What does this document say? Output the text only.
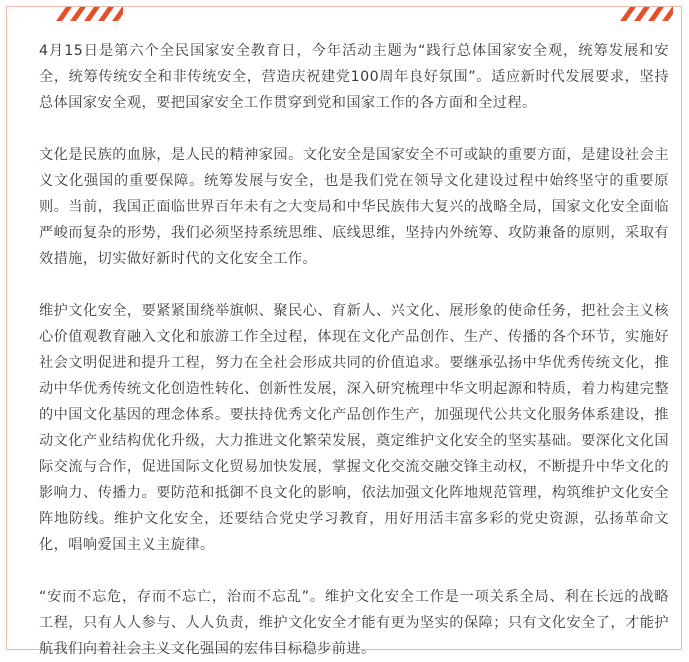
4月15日是第六个全民国家安全教育日，今年活动主题为“践行总体国家安全观，统筹发展和安全，统筹传统安全和非传统安全，营造庆祝建党100周年良好氛围”。适应新时代发展要求，坚持总体国家安全观，要把国家安全工作贯穿到党和国家工作的各方面和全过程。

文化是民族的血脉，是人民的精神家园。文化安全是国家安全不可或缺的重要方面，是建设社会主义文化强国的重要保障。统筹发展与安全，也是我们党在领导文化建设过程中始终坚守的重要原则。当前，我国正面临世界百年未有之大变局和中华民族伟大复兴的战略全局，国家文化安全面临严峻而复杂的形势，我们必须坚持系统思维、底线思维，坚持内外统筹、攻防兼备的原则，采取有效措施，切实做好新时代的文化安全工作。

维护文化安全，要紧紧围绕举旗帜、聚民心、育新人、兴文化、展形象的使命任务，把社会主义核心价值观教育融入文化和旅游工作全过程，体现在文化产品创作、生产、传播的各个环节，实施好社会文明促进和提升工程，努力在全社会形成共同的价值追求。要继承弘扬中华优秀传统文化，推动中华优秀传统文化创造性转化、创新性发展，深入研究梳理中华文明起源和特质，着力构建完整的中国文化基因的理念体系。要扶持优秀文化产品创作生产，加强现代公共文化服务体系建设，推动文化产业结构优化升级，大力推进文化繁荣发展，奠定维护文化安全的坚实基础。要深化文化国际交流与合作，促进国际文化贸易加快发展，掌握文化交流交融交锋主动权，不断提升中华文化的影响力、传播力。要防范和抵御不良文化的影响，依法加强文化阵地规范管理，构筑维护文化安全阵地防线。维护文化安全，还要结合党史学习教育，用好用活丰富多彩的党史资源，弘扬革命文化，唱响爱国主义主旋律。

“安而不忘危，存而不忘亡，治而不忘乱”。维护文化安全工作是一项关系全局、利在长远的战略工程，只有人人参与、人人负责，维护文化安全才能有更为坚实的保障；只有文化安全了，才能护航我们向着社会主义文化强国的宏伟目标稳步前进。
